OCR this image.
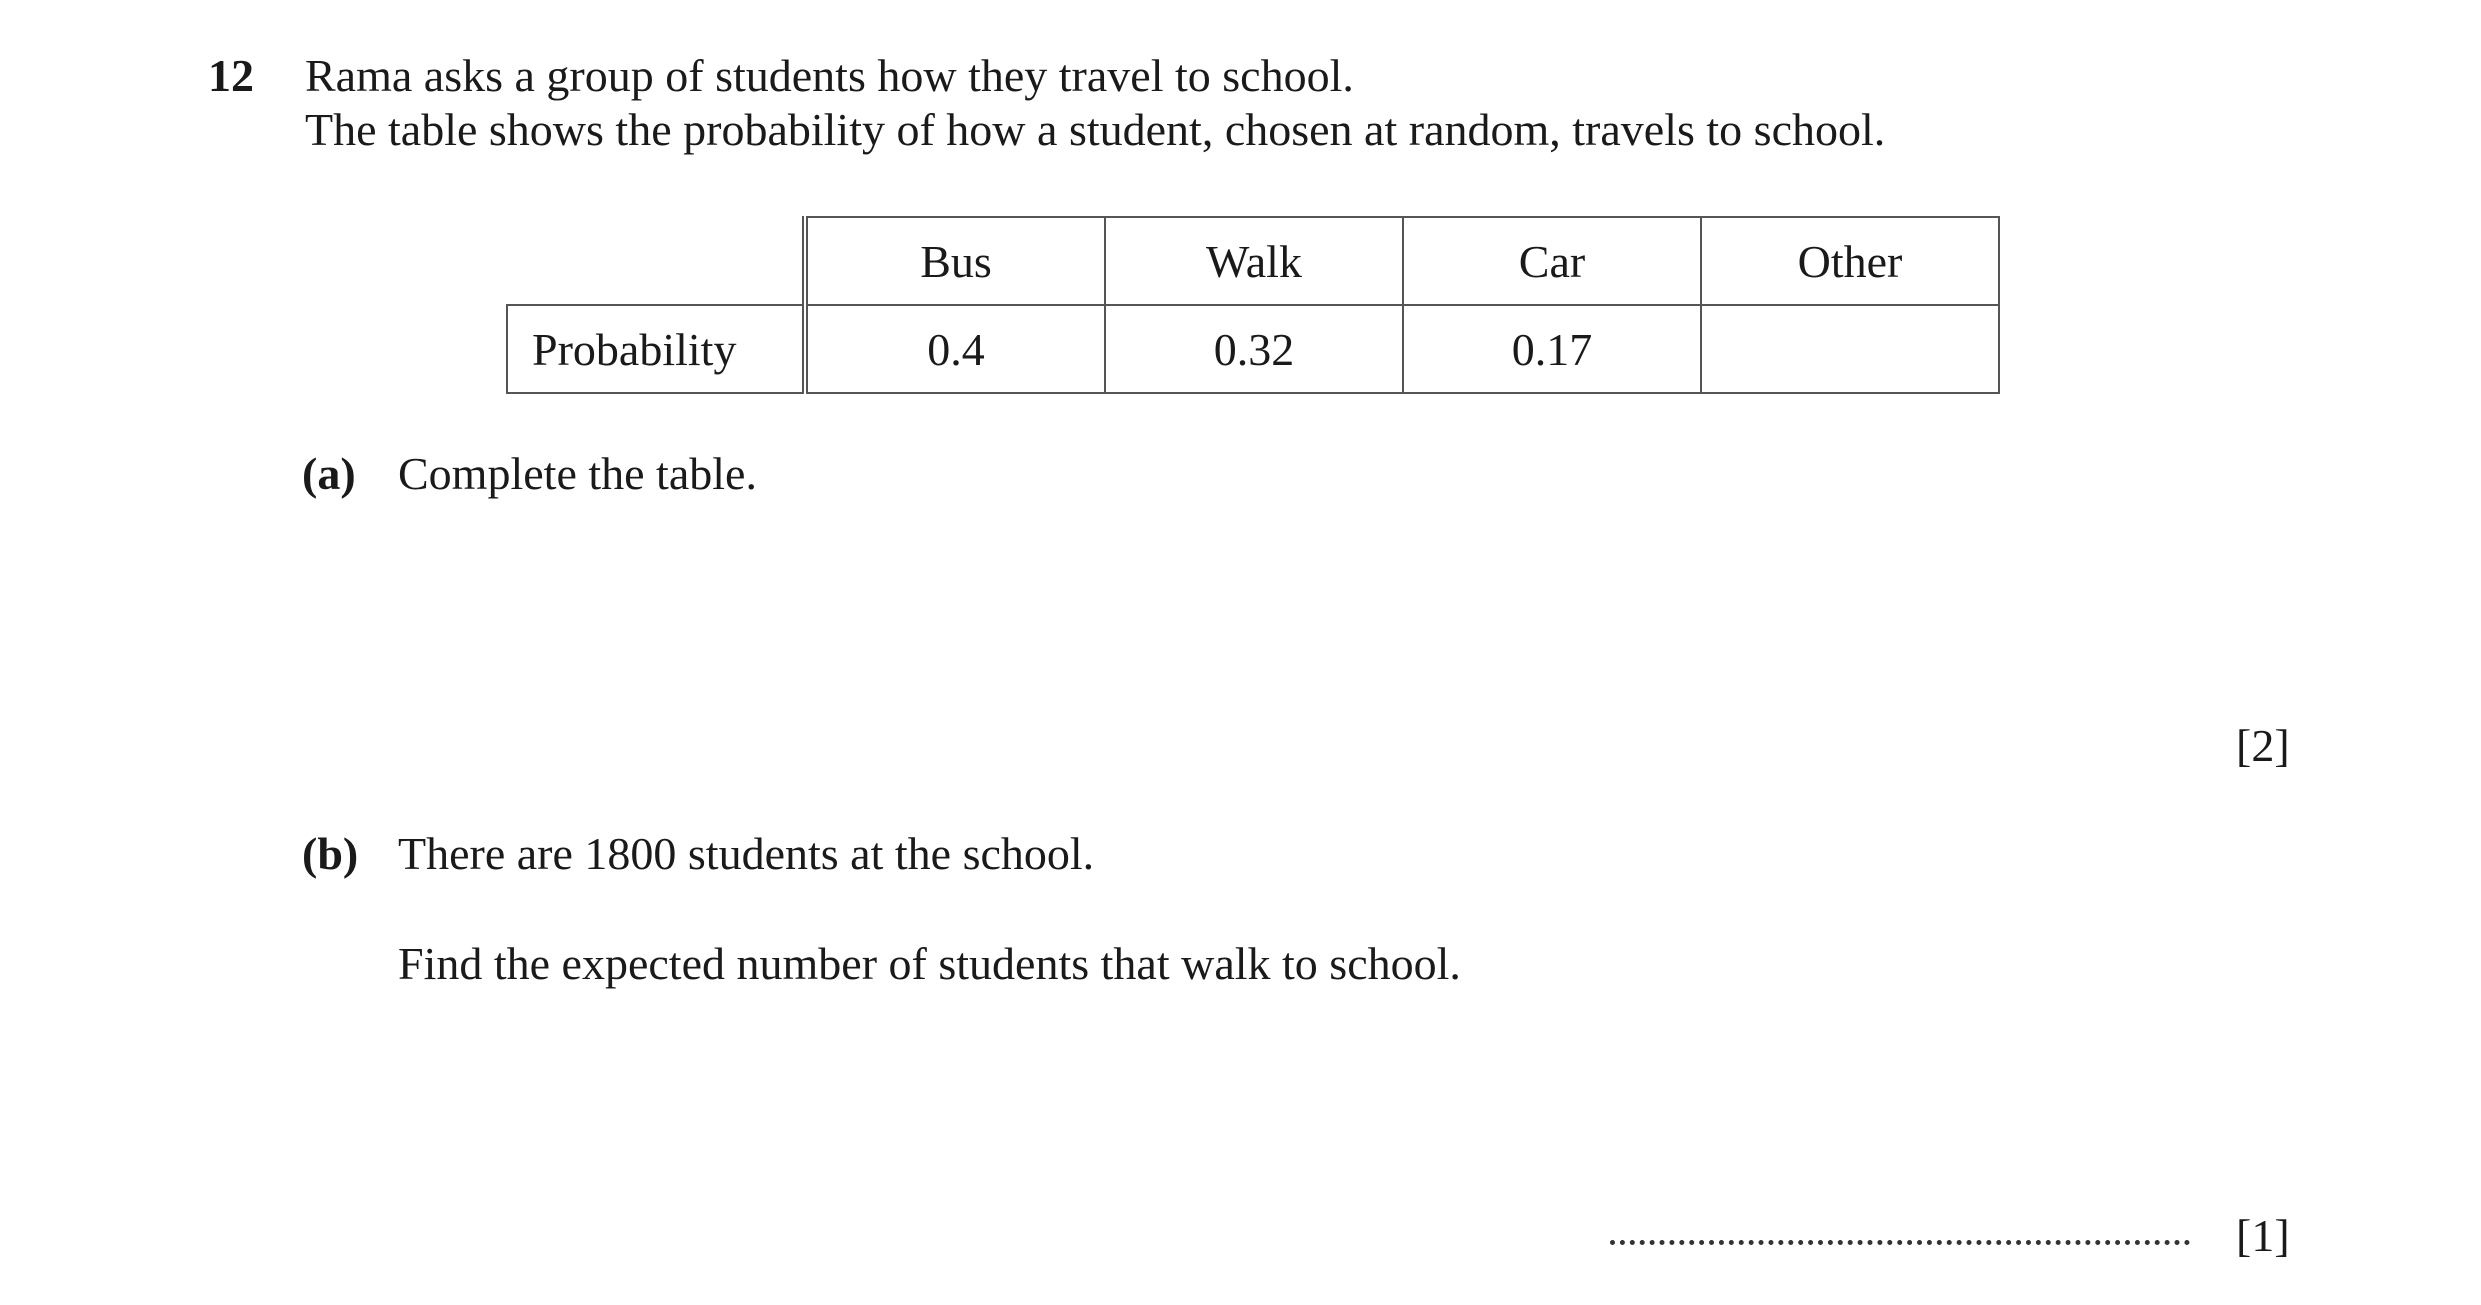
12 Rama asks a group of students how they travel to school.
The table shows the probability of how a student, chosen at random, travels to school.
	Bus	Walk	Car	Other
Probability	0.4	0.32	0.17	
(a) Complete the table.
[2]
(b) There are 1800 students at the school.
Find the expected number of students that walk to school.
[1]
